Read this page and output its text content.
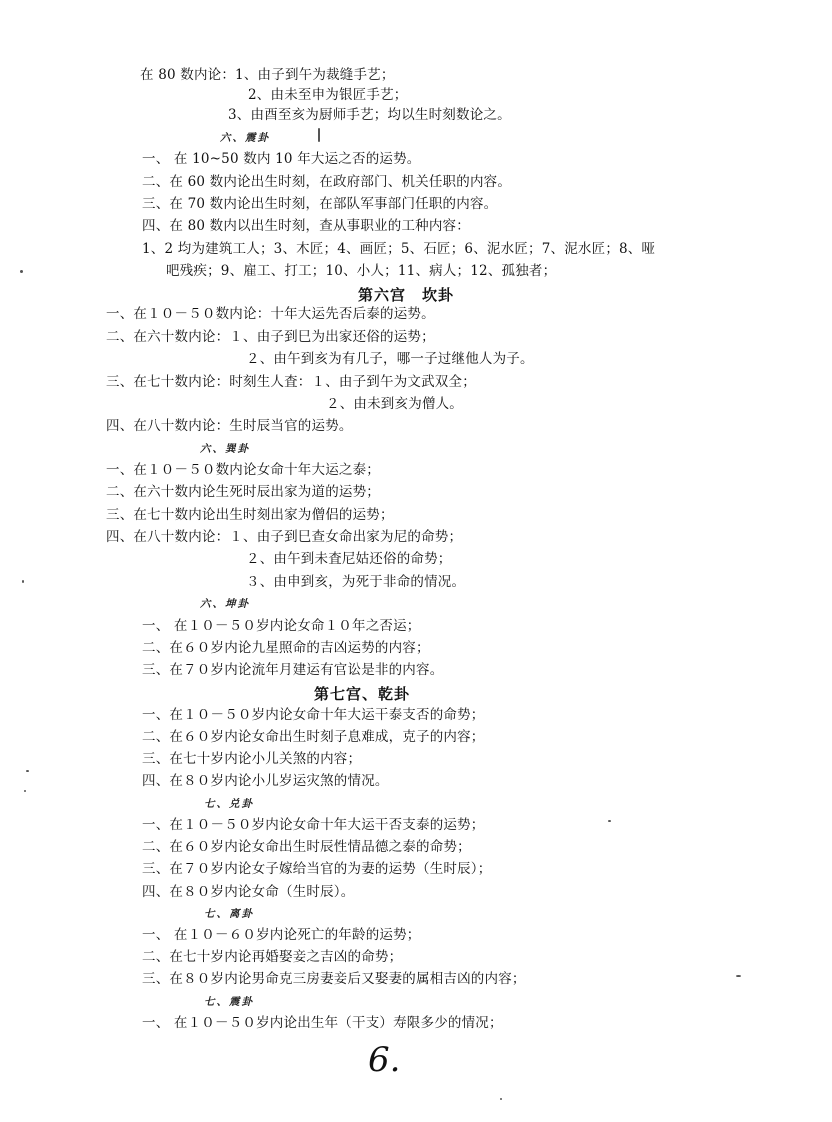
在 80 数内论：1、由子到午为裁缝手艺；
2、由未至申为银匠手艺；
3、由酉至亥为厨师手艺；均以生时刻数论之。
六、震卦
一、 在 10~50 数内 10 年大运之否的运势。
二、在 60 数内论出生时刻，在政府部门、机关任职的内容。
三、在 70 数内论出生时刻，在部队军事部门任职的内容。
四、在 80 数内以出生时刻，查从事职业的工种内容：
1、2 均为建筑工人；3、木匠；4、画匠；5、石匠；6、泥水匠；7、泥水匠；8、哑
吧残疾；9、雇工、打工；10、小人；11、病人；12、孤独者；
第六宫　坎卦
一、在１０－５０数内论：十年大运先否后泰的运势。
二、在六十数内论：１、由子到巳为出家还俗的运势；
２、由午到亥为有几子，哪一子过继他人为子。
三、在七十数内论：时刻生人査：１、由子到午为文武双全；
２、由未到亥为僧人。
四、在八十数内论：生时辰当官的运势。
六、巽卦
一、在１０－５０数内论女命十年大运之泰；
二、在六十数内论生死时辰出家为道的运势；
三、在七十数内论出生时刻出家为僧侣的运势；
四、在八十数内论：１、由子到巳查女命出家为尼的命势；
２、由午到未査尼姑还俗的命势；
３、由申到亥，为死于非命的情况。
六、坤卦
一、 在１０－５０岁内论女命１０年之否运；
二、在６０岁内论九星照命的吉凶运势的内容；
三、在７０岁内论流年月建运有官讼是非的内容。
第七宫、乾卦
一、在１０－５０岁内论女命十年大运干泰支否的命势；
二、在６０岁内论女命出生时刻子息难成，克子的内容；
三、在七十岁内论小儿关煞的内容；
四、在８０岁内论小儿岁运灾煞的情况。
七、兑卦
一、在１０－５０岁内论女命十年大运干否支泰的运势；
二、在６０岁内论女命出生时辰性情品德之泰的命势；
三、在７０岁内论女子嫁给当官的为妻的运势（生时辰）；
四、在８０岁内论女命（生时辰）。
七、离卦
一、 在１０－６０岁内论死亡的年龄的运势；
二、在七十岁内论再婚娶妾之吉凶的命势；
三、在８０岁内论男命克三房妻妾后又娶妻的属相吉凶的内容；
七、震卦
一、 在１０－５０岁内论出生年（干支）寿限多少的情况；
6.
